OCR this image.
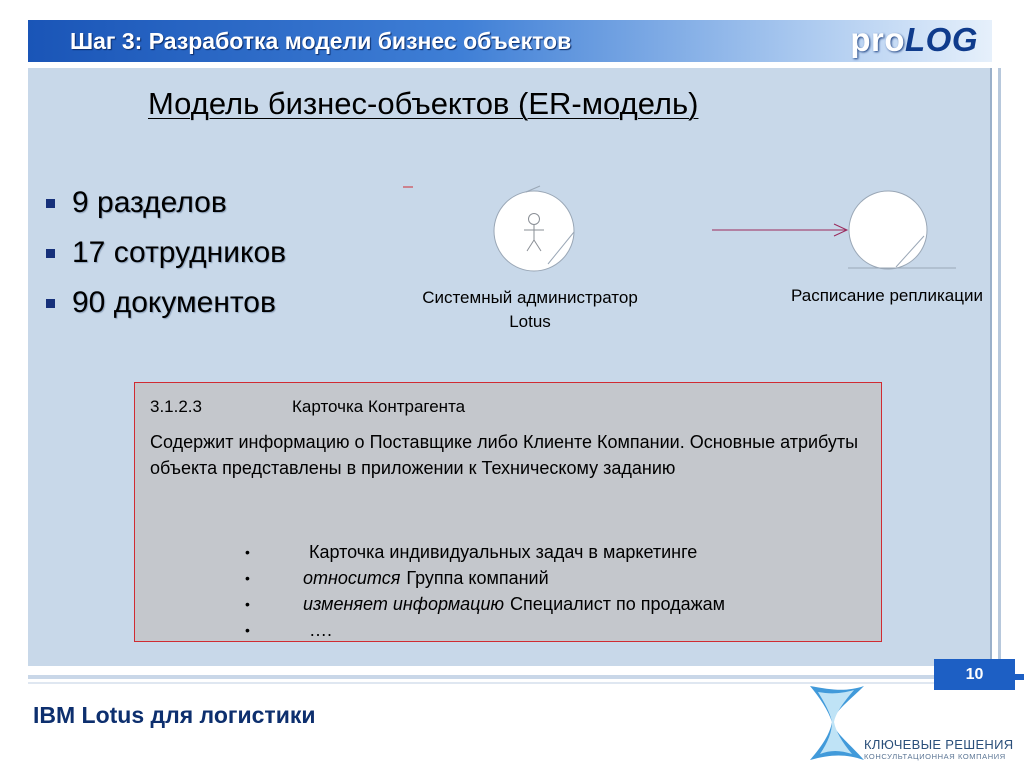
Шаг 3: Разработка модели бизнес объектов	proLOG
Модель бизнес-объектов (ER-модель)
9 разделов
17 сотрудников
90 документов	Системный администратор
Lotus
Расписание репликации
3.1.2.3	Карточка Контрагента
Содержит информацию о Поставщике либо Клиенте Компании. Основные атрибуты объекта представлены в приложении к Техническому заданию
•	Карточка индивидуальных задач в маркетинге
•	относится Группа компаний
•	изменяет информацию Специалист по продажам
•	….
10
IBM Lotus для логистики
КЛЮЧЕВЫЕ РЕШЕНИЯ
КОНСУЛЬТАЦИОННАЯ КОМПАНИЯ
